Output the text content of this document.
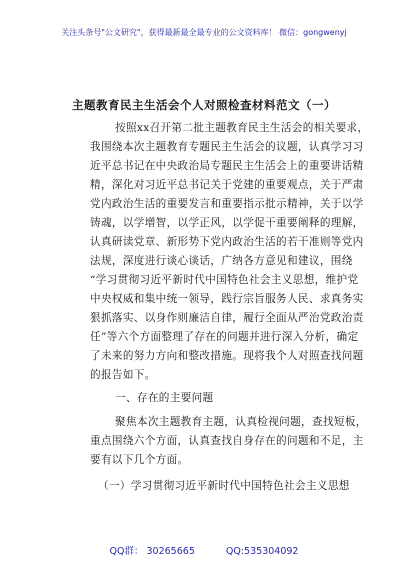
关注头条号"公文研究"，获得最新最全最专业的公文资料库！ 微信：gongwenyj
主题教育民主生活会个人对照检查材料范文（一）
按照xx召开第二批主题教育民主生活会的相关要求，
我围绕本次主题教育专题民主生活会的议题，认真学习习
近平总书记在中央政治局专题民主生活会上的重要讲话精
精，深化对习近平总书记关于党建的重要观点，关于严肃
党内政治生活的重要发言和重要指示批示精神，关于以学
铸魂，以学增智，以学正风，以学促干重要阐释的理解，
认真研读党章、新形势下党内政治生活的若干准则等党内
法规，深度进行谈心谈话，广纳各方意见和建议，围绕
“学习贯彻习近平新时代中国特色社会主义思想，维护党
中央权威和集中统一领导，践行宗旨服务人民、求真务实
狠抓落实、以身作则廉洁自律，履行全面从严治党政治责
任”等六个方面整理了存在的问题并进行深入分析，确定
了未来的努力方向和整改措施。现将我个人对照查找问题
的报告如下。
一、存在的主要问题
聚焦本次主题教育主题，认真检视问题，查找短板，
重点围绕六个方面，认真查找自身存在的问题和不足，主
要有以下几个方面。
（一）学习贯彻习近平新时代中国特色社会主义思想
QQ群： 30265665	QQ:535304092
